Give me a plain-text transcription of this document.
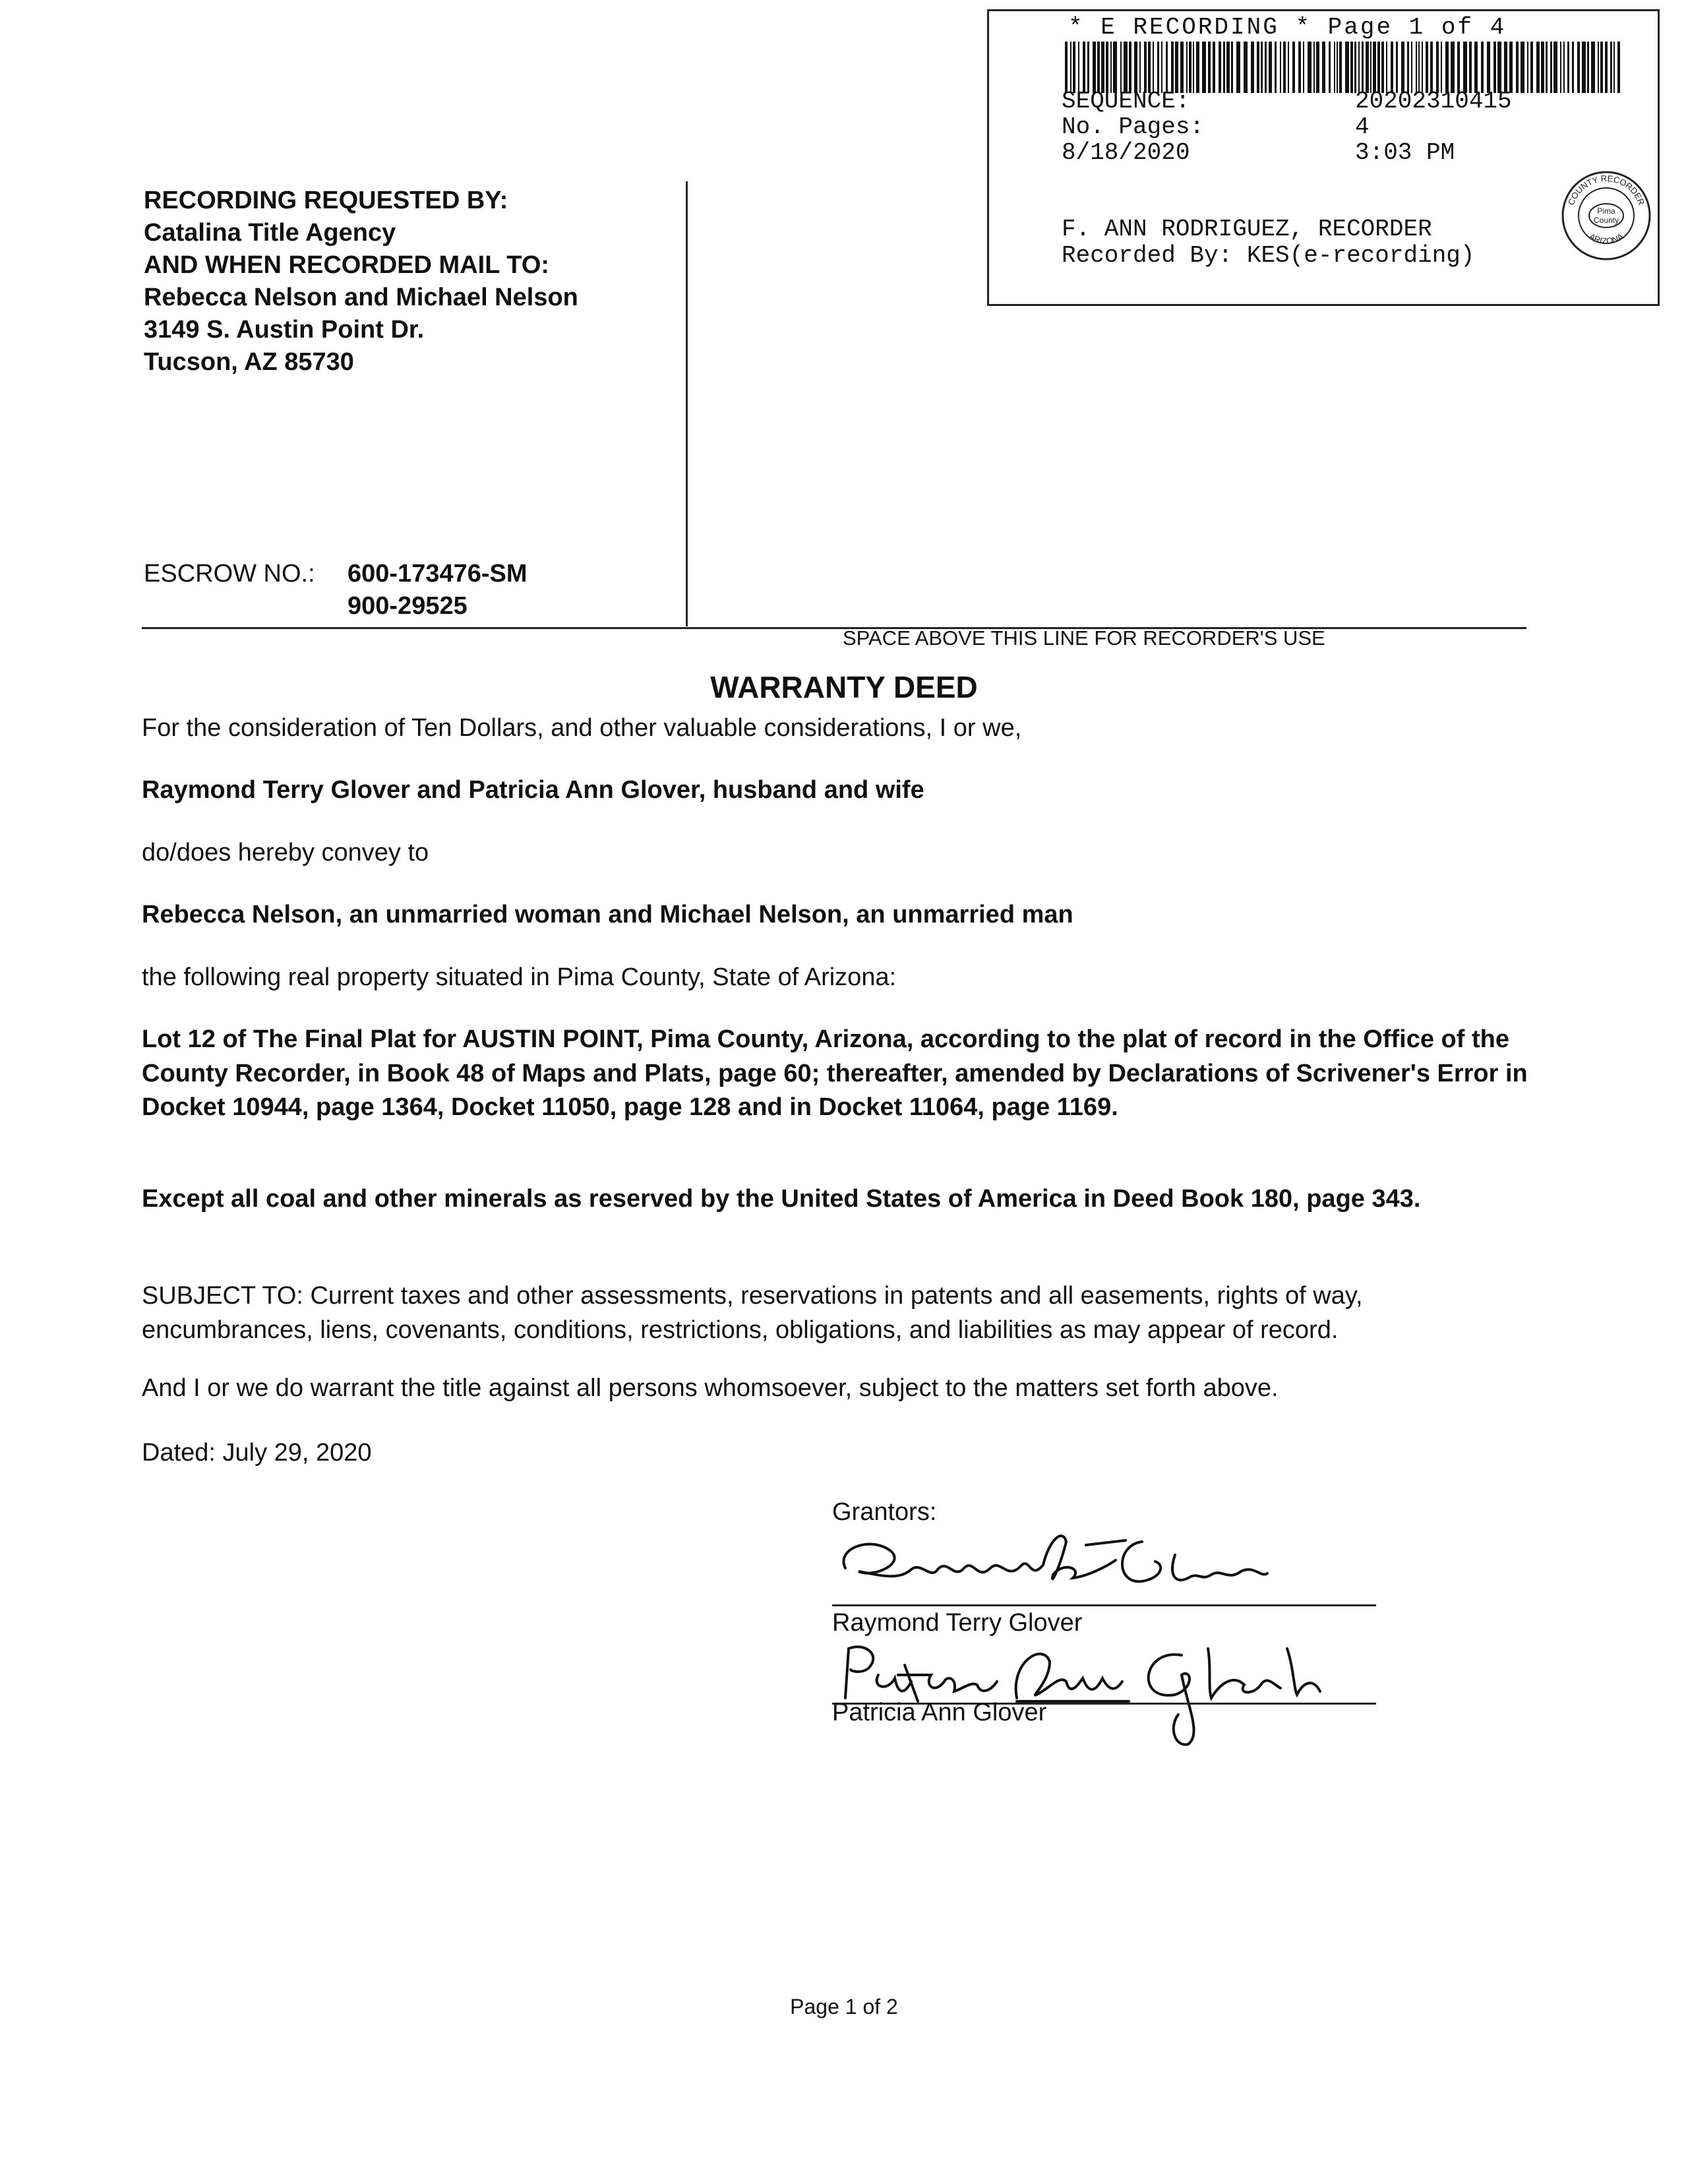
* E RECORDING * Page 1 of 4
SEQUENCE:	20202310415
No. Pages:	4
8/18/2020	3:03 PM
F. ANN RODRIGUEZ, RECORDER
Recorded By: KES(e-recording)
COUNTY RECORDER
ARIZONA
Pima
County
RECORDING REQUESTED BY:
Catalina Title Agency
AND WHEN RECORDED MAIL TO:
Rebecca Nelson and Michael Nelson
3149 S. Austin Point Dr.
Tucson, AZ 85730
ESCROW NO.: 600-173476-SM
900-29525
SPACE ABOVE THIS LINE FOR RECORDER'S USE
WARRANTY DEED
For the consideration of Ten Dollars, and other valuable considerations, I or we,
Raymond Terry Glover and Patricia Ann Glover, husband and wife
do/does hereby convey to
Rebecca Nelson, an unmarried woman and Michael Nelson, an unmarried man
the following real property situated in Pima County, State of Arizona:
Lot 12 of The Final Plat for AUSTIN POINT, Pima County, Arizona, according to the plat of record in the Office of the County Recorder, in Book 48 of Maps and Plats, page 60; thereafter, amended by Declarations of Scrivener's Error in Docket 10944, page 1364, Docket 11050, page 128 and in Docket 11064, page 1169.
Except all coal and other minerals as reserved by the United States of America in Deed Book 180, page 343.
SUBJECT TO: Current taxes and other assessments, reservations in patents and all easements, rights of way, encumbrances, liens, covenants, conditions, restrictions, obligations, and liabilities as may appear of record.
And I or we do warrant the title against all persons whomsoever, subject to the matters set forth above.
Dated: July 29, 2020
Grantors:
Raymond Terry Glover
Patricia Ann Glover
Page 1 of 2
